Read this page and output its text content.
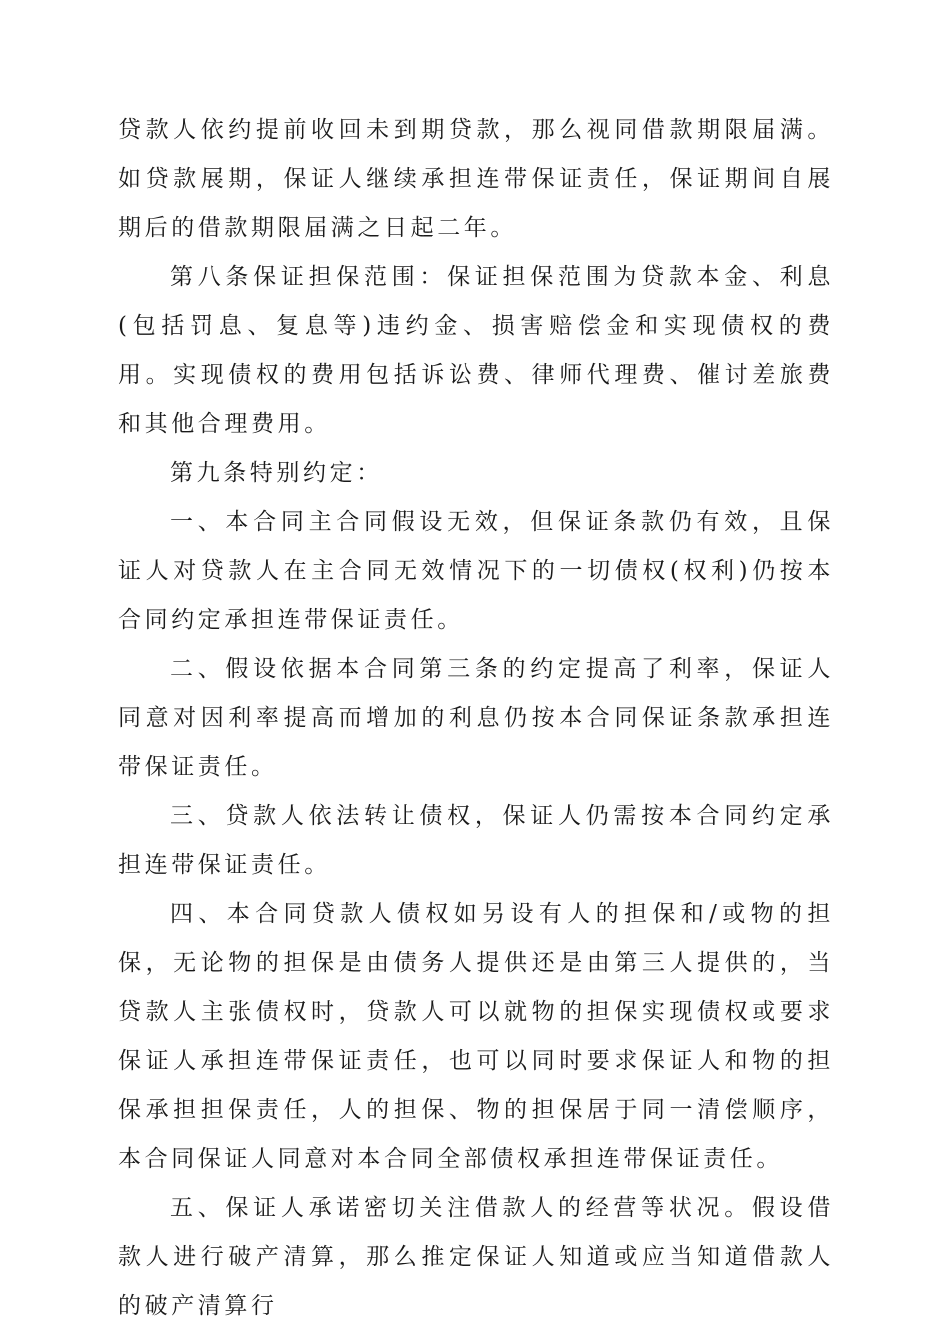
贷款人依约提前收回未到期贷款，那么视同借款期限届满。如贷款展期，保证人继续承担连带保证责任，保证期间自展期后的借款期限届满之日起二年。

第八条保证担保范围：保证担保范围为贷款本金、利息(包括罚息、复息等)违约金、损害赔偿金和实现债权的费用。实现债权的费用包括诉讼费、律师代理费、催讨差旅费和其他合理费用。

第九条特别约定：

一、本合同主合同假设无效，但保证条款仍有效，且保证人对贷款人在主合同无效情况下的一切债权(权利)仍按本合同约定承担连带保证责任。

二、假设依据本合同第三条的约定提高了利率，保证人同意对因利率提高而增加的利息仍按本合同保证条款承担连带保证责任。

三、贷款人依法转让债权，保证人仍需按本合同约定承担连带保证责任。

四、本合同贷款人债权如另设有人的担保和/或物的担保，无论物的担保是由债务人提供还是由第三人提供的，当贷款人主张债权时，贷款人可以就物的担保实现债权或要求保证人承担连带保证责任，也可以同时要求保证人和物的担保承担担保责任，人的担保、物的担保居于同一清偿顺序，本合同保证人同意对本合同全部债权承担连带保证责任。

五、保证人承诺密切关注借款人的经营等状况。假设借款人进行破产清算，那么推定保证人知道或应当知道借款人的破产清算行
